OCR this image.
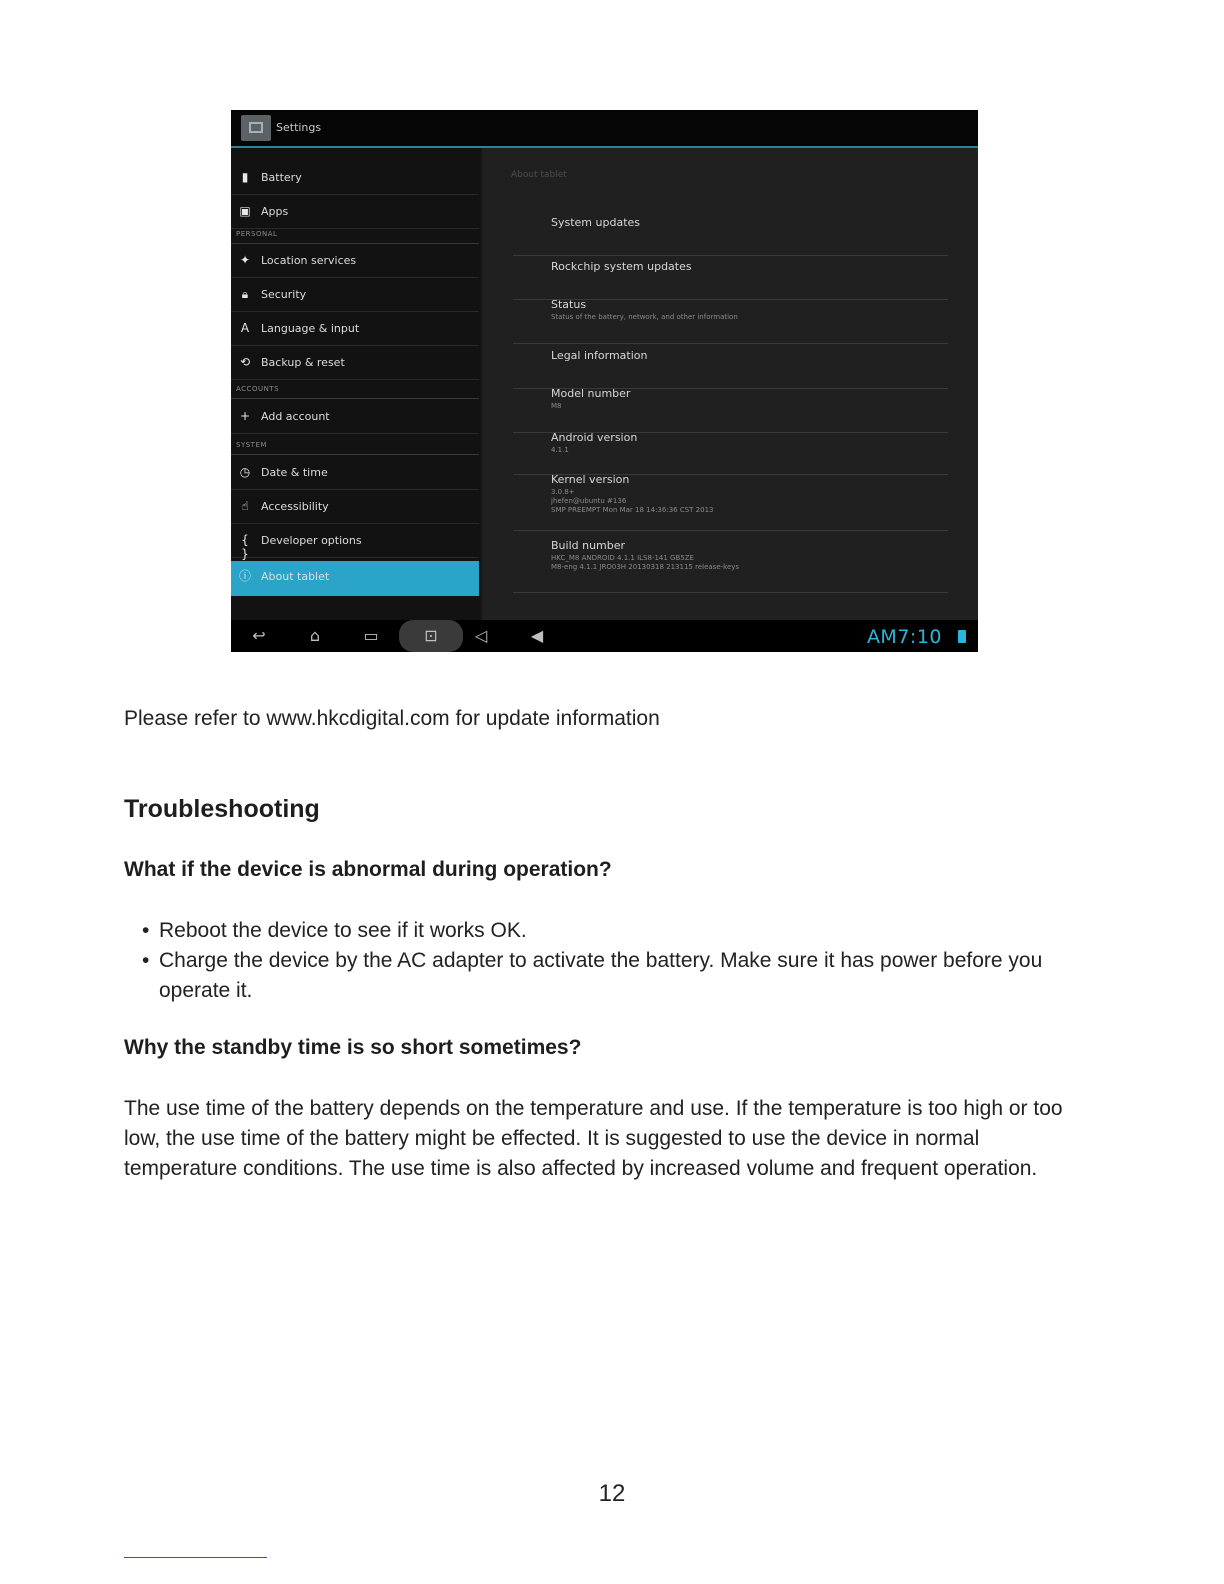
Settings
▮	Battery
▣ Apps
PERSONAL
✦ Location services
🔒︎	Security
A Language & input
⟲ Backup & reset
ACCOUNTS
+ Add account
SYSTEM
◷ Date & time
☝	Accessibility
{ }
Developer options
ⓘ About tablet
About tablet
System updates
Rockchip system updates
Status
Status of the battery, network, and other information
Legal information
Model number
M8
Android version
4.1.1
Kernel version
3.0.8+
jhefen@ubuntu #136
SMP PREEMPT Mon Mar 18 14:36:36 CST 2013
Build number
HKC_M8 ANDROID 4.1.1 ILS8-141 GB5ZE
M8-eng 4.1.1 JRO03H 20130318 213115 release-keys
↩	⌂	▭	⊡	◁	◀︎	AM7:10
Please refer to www.hkcdigital.com for update information
Troubleshooting
What if the device is abnormal during operation?
• Reboot the device to see if it works OK.
• Charge the device by the AC adapter to activate the battery. Make sure it has power before you operate it.
Why the standby time is so short sometimes?
The use time of the battery depends on the temperature and use. If the temperature is too high or too low, the use time of the battery might be effected. It is suggested to use the device in normal temperature conditions. The use time is also affected by increased volume and frequent operation.
12
